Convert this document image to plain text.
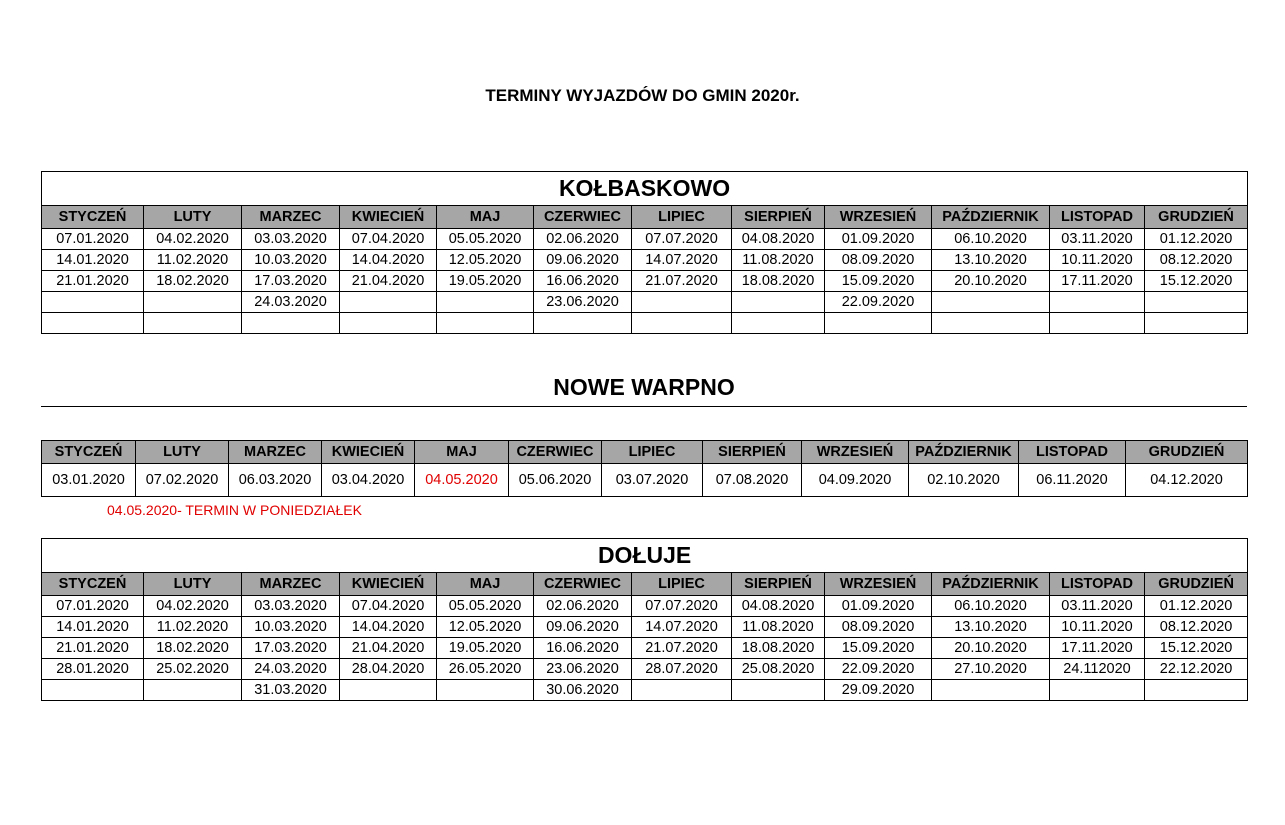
TERMINY WYJAZDÓW DO GMIN 2020r.
KOŁBASKOWO											
STYCZEŃ	LUTY	MARZEC	KWIECIEŃ	MAJ	CZERWIEC	LIPIEC	SIERPIEŃ	WRZESIEŃ	PAŹDZIERNIK	LISTOPAD	GRUDZIEŃ
07.01.2020	04.02.2020	03.03.2020	07.04.2020	05.05.2020	02.06.2020	07.07.2020	04.08.2020	01.09.2020	06.10.2020	03.11.2020	01.12.2020
14.01.2020	11.02.2020	10.03.2020	14.04.2020	12.05.2020	09.06.2020	14.07.2020	11.08.2020	08.09.2020	13.10.2020	10.11.2020	08.12.2020
21.01.2020	18.02.2020	17.03.2020	21.04.2020	19.05.2020	16.06.2020	21.07.2020	18.08.2020	15.09.2020	20.10.2020	17.11.2020	15.12.2020
		24.03.2020			23.06.2020			22.09.2020			

NOWE WARPNO
STYCZEŃ	LUTY	MARZEC	KWIECIEŃ	MAJ	CZERWIEC	LIPIEC	SIERPIEŃ	WRZESIEŃ	PAŹDZIERNIK	LISTOPAD	GRUDZIEŃ
03.01.2020	07.02.2020	06.03.2020	03.04.2020	04.05.2020	05.06.2020	03.07.2020	07.08.2020	04.09.2020	02.10.2020	06.11.2020	04.12.2020
04.05.2020- TERMIN W PONIEDZIAŁEK
DOŁUJE											
STYCZEŃ	LUTY	MARZEC	KWIECIEŃ	MAJ	CZERWIEC	LIPIEC	SIERPIEŃ	WRZESIEŃ	PAŹDZIERNIK	LISTOPAD	GRUDZIEŃ
07.01.2020	04.02.2020	03.03.2020	07.04.2020	05.05.2020	02.06.2020	07.07.2020	04.08.2020	01.09.2020	06.10.2020	03.11.2020	01.12.2020
14.01.2020	11.02.2020	10.03.2020	14.04.2020	12.05.2020	09.06.2020	14.07.2020	11.08.2020	08.09.2020	13.10.2020	10.11.2020	08.12.2020
21.01.2020	18.02.2020	17.03.2020	21.04.2020	19.05.2020	16.06.2020	21.07.2020	18.08.2020	15.09.2020	20.10.2020	17.11.2020	15.12.2020
28.01.2020	25.02.2020	24.03.2020	28.04.2020	26.05.2020	23.06.2020	28.07.2020	25.08.2020	22.09.2020	27.10.2020	24.112020	22.12.2020
		31.03.2020			30.06.2020			29.09.2020			
